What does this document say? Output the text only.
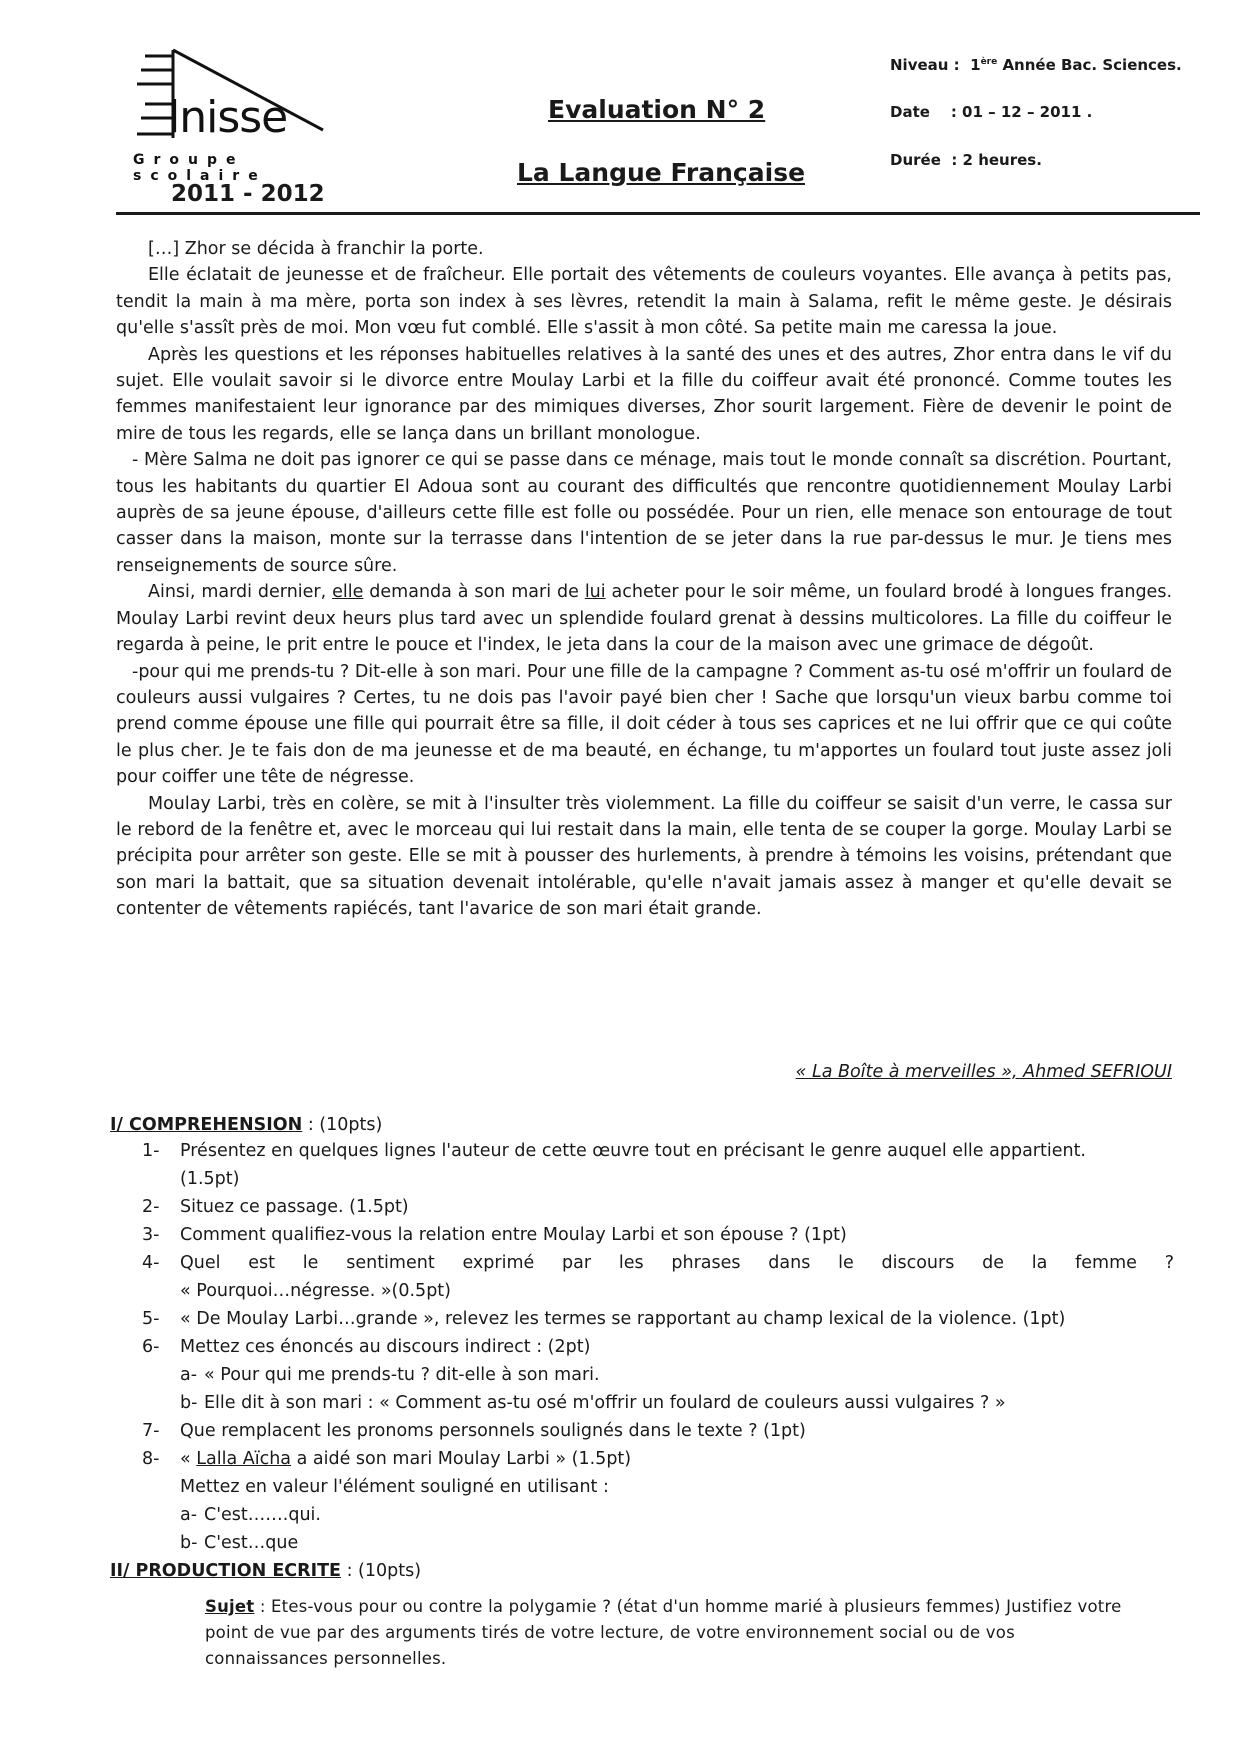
lnisse
Groupe scolaire
2011 - 2012
Evaluation N° 2
La Langue Française
Niveau : 1ère Année Bac. Sciences.
Date : 01 – 12 – 2011 .
Durée : 2 heures.

[…] Zhor se décida à franchir la porte.

Elle éclatait de jeunesse et de fraîcheur. Elle portait des vêtements de couleurs voyantes. Elle avança à petits pas, tendit la main à ma mère, porta son index à ses lèvres, retendit la main à Salama, refit le même geste. Je désirais qu'elle s'assît près de moi. Mon vœu fut comblé. Elle s'assit à mon côté. Sa petite main me caressa la joue.

Après les questions et les réponses habituelles relatives à la santé des unes et des autres, Zhor entra dans le vif du sujet. Elle voulait savoir si le divorce entre Moulay Larbi et la fille du coiffeur avait été prononcé. Comme toutes les femmes manifestaient leur ignorance par des mimiques diverses, Zhor sourit largement. Fière de devenir le point de mire de tous les regards, elle se lança dans un brillant monologue.

- Mère Salma ne doit pas ignorer ce qui se passe dans ce ménage, mais tout le monde connaît sa discrétion. Pourtant, tous les habitants du quartier El Adoua sont au courant des difficultés que rencontre quotidiennement Moulay Larbi auprès de sa jeune épouse, d'ailleurs cette fille est folle ou possédée. Pour un rien, elle menace son entourage de tout casser dans la maison, monte sur la terrasse dans l'intention de se jeter dans la rue par-dessus le mur. Je tiens mes renseignements de source sûre.

Ainsi, mardi dernier, elle demanda à son mari de lui acheter pour le soir même, un foulard brodé à longues franges. Moulay Larbi revint deux heurs plus tard avec un splendide foulard grenat à dessins multicolores. La fille du coiffeur le regarda à peine, le prit entre le pouce et l'index, le jeta dans la cour de la maison avec une grimace de dégoût.

-pour qui me prends-tu ? Dit-elle à son mari. Pour une fille de la campagne ? Comment as-tu osé m'offrir un foulard de couleurs aussi vulgaires ? Certes, tu ne dois pas l'avoir payé bien cher ! Sache que lorsqu'un vieux barbu comme toi prend comme épouse une fille qui pourrait être sa fille, il doit céder à tous ses caprices et ne lui offrir que ce qui coûte le plus cher. Je te fais don de ma jeunesse et de ma beauté, en échange, tu m'apportes un foulard tout juste assez joli pour coiffer une tête de négresse.

Moulay Larbi, très en colère, se mit à l'insulter très violemment. La fille du coiffeur se saisit d'un verre, le cassa sur le rebord de la fenêtre et, avec le morceau qui lui restait dans la main, elle tenta de se couper la gorge. Moulay Larbi se précipita pour arrêter son geste. Elle se mit à pousser des hurlements, à prendre à témoins les voisins, prétendant que son mari la battait, que sa situation devenait intolérable, qu'elle n'avait jamais assez à manger et qu'elle devait se contenter de vêtements rapiécés, tant l'avarice de son mari était grande.

« La Boîte à merveilles », Ahmed SEFRIOUI
I/ COMPREHENSION : (10pts)
1-	Présentez en quelques lignes l'auteur de cette œuvre tout en précisant le genre auquel elle appartient.
(1.5pt)
2-	Situez ce passage. (1.5pt)
3-	Comment qualifiez-vous la relation entre Moulay Larbi et son épouse ? (1pt)
4-	Quel est le sentiment exprimé par les phrases dans le discours de la femme ?
« Pourquoi…négresse. »(0.5pt)
5-	« De Moulay Larbi…grande », relevez les termes se rapportant au champ lexical de la violence. (1pt)
6-	Mettez ces énoncés au discours indirect : (2pt)
a- « Pour qui me prends-tu ? dit-elle à son mari.
b- Elle dit à son mari : « Comment as-tu osé m'offrir un foulard de couleurs aussi vulgaires ? »
7-	Que remplacent les pronoms personnels soulignés dans le texte ? (1pt)
8-	« Lalla Aïcha a aidé son mari Moulay Larbi » (1.5pt)
Mettez en valeur l'élément souligné en utilisant :
a- C'est…….qui.
b- C'est…que
II/ PRODUCTION ECRITE : (10pts)
Sujet : Etes-vous pour ou contre la polygamie ? (état d'un homme marié à plusieurs femmes) Justifiez votre point de vue par des arguments tirés de votre lecture, de votre environnement social ou de vos connaissances personnelles.
